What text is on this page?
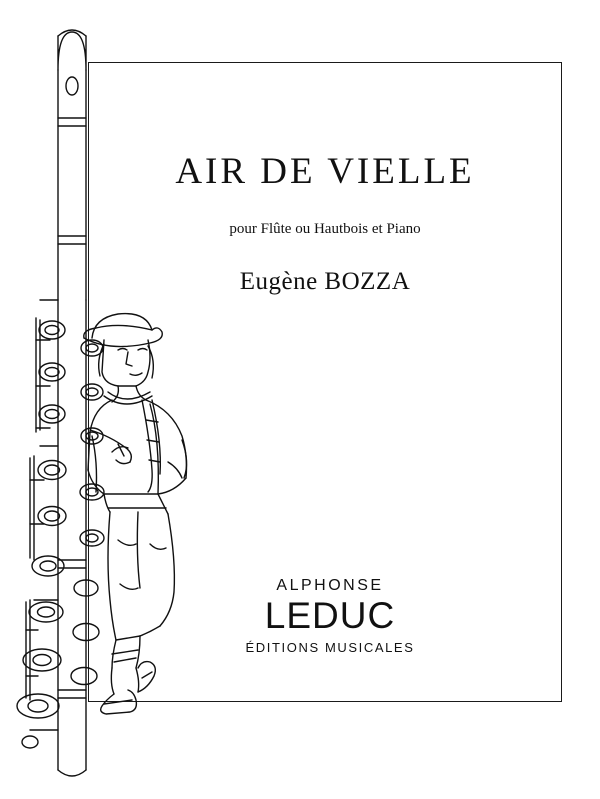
AIR DE VIELLE

pour Flûte ou Hautbois et Piano

Eugène BOZZA

ALPHONSE
LEDUC
ÉDITIONS MUSICALES
